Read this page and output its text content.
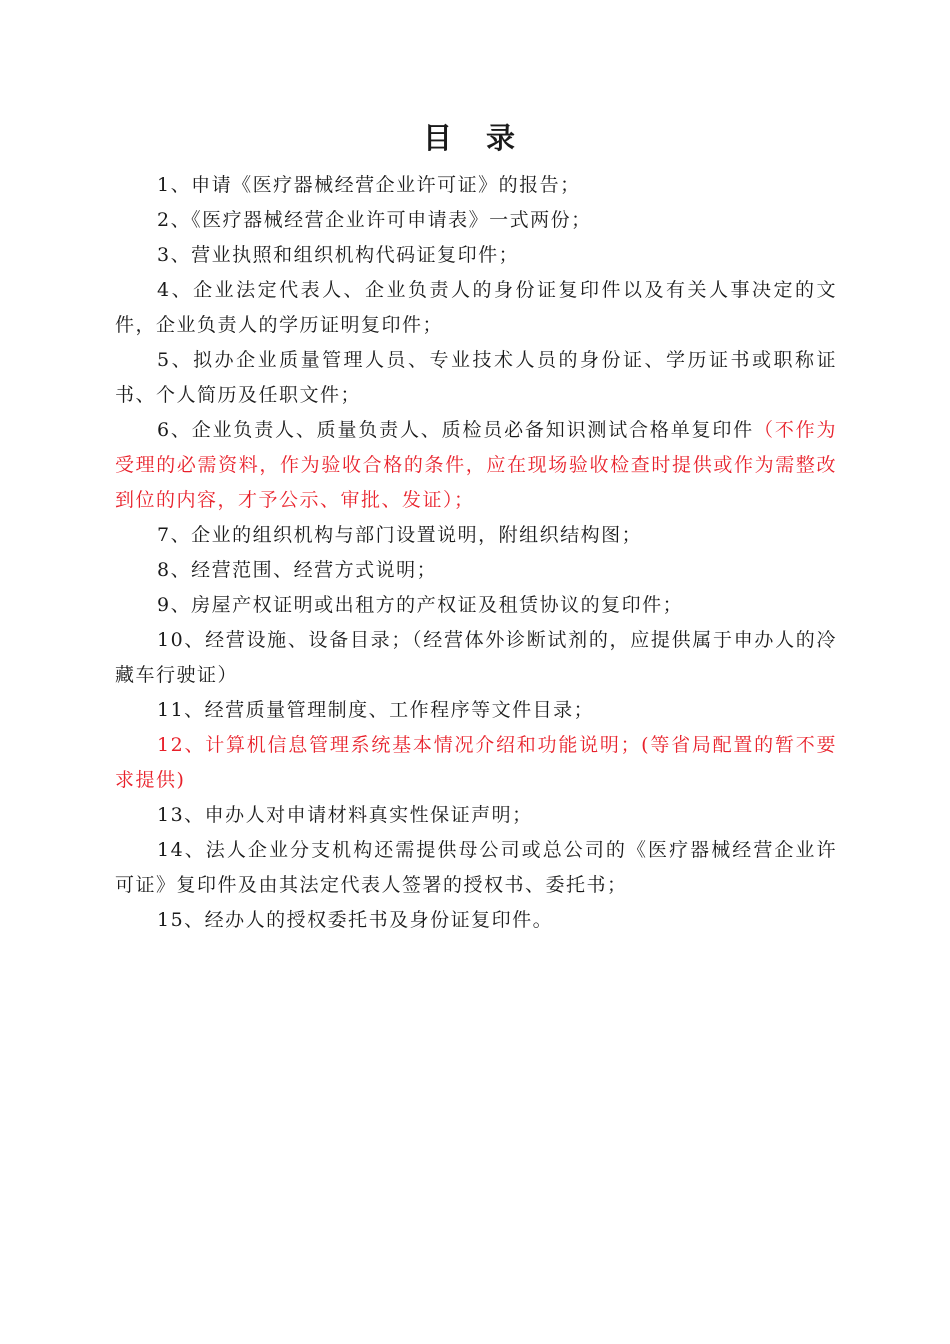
目 录

1、申请《医疗器械经营企业许可证》的报告；

2、《医疗器械经营企业许可申请表》一式两份；

3、营业执照和组织机构代码证复印件；

4、企业法定代表人、企业负责人的身份证复印件以及有关人事决定的文件，企业负责人的学历证明复印件；

5、拟办企业质量管理人员、专业技术人员的身份证、学历证书或职称证书、个人简历及任职文件；

6、企业负责人、质量负责人、质检员必备知识测试合格单复印件（不作为受理的必需资料，作为验收合格的条件，应在现场验收检查时提供或作为需整改到位的内容，才予公示、审批、发证）；

7、企业的组织机构与部门设置说明，附组织结构图；

8、经营范围、经营方式说明；

9、房屋产权证明或出租方的产权证及租赁协议的复印件；

10、经营设施、设备目录；（经营体外诊断试剂的，应提供属于申办人的冷藏车行驶证）

11、经营质量管理制度、工作程序等文件目录；

12、计算机信息管理系统基本情况介绍和功能说明；(等省局配置的暂不要求提供)

13、申办人对申请材料真实性保证声明；

14、法人企业分支机构还需提供母公司或总公司的《医疗器械经营企业许可证》复印件及由其法定代表人签署的授权书、委托书；

15、经办人的授权委托书及身份证复印件。
